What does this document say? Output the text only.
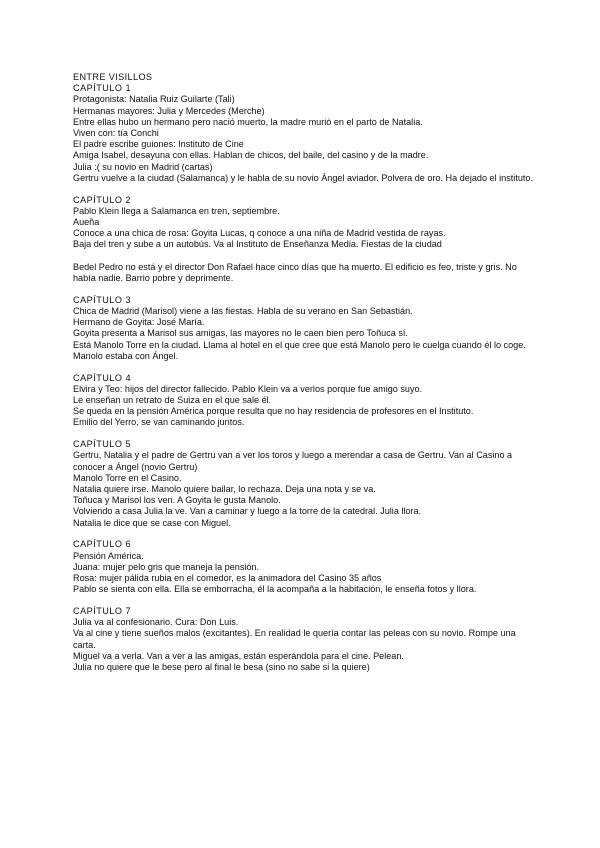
ENTRE VISILLOS

CAPÍTULO 1

Protagonista: Natalia Ruiz Guilarte (Tali)

Hermanas mayores: Julia y Mercedes (Merche)

Entre ellas hubo un hermano pero nació muerto, la madre murió en el parto de Natalia.

Viven con: tía Conchi

El padre escribe guiones: Instituto de Cine

Amiga Isabel, desayuna con ellas. Hablan de chicos, del baile, del casino y de la madre.

Julia :( su novio en Madrid (cartas)

Gertru vuelve a la ciudad (Salamanca) y le habla de su novio Ángel aviador. Polvera de oro. Ha dejado el instituto.

CAPÍTULO 2

Pablo Klein llega a Salamanca en tren, septiembre.

Aueña

Conoce a una chica de rosa: Goyita Lucas, q conoce a una niña de Madrid vestida de rayas.

Baja del tren y sube a un autobús. Va al Instituto de Enseñanza Media. Fiestas de la ciudad

Bedel Pedro no está y el director Don Rafael hace cinco días que ha muerto. El edificio es feo, triste y gris. No había nadie. Barrio pobre y deprimente.

CAPÍTULO 3

Chica de Madrid (Marisol) viene a las fiestas. Habla de su verano en San Sebastián.

Hermano de Goyita: José María.

Goyita presenta a Marisol sus amigas, las mayores no le caen bien pero Toñuca sí.

Está Manolo Torre en la ciudad. Llama al hotel en el que cree que está Manolo pero le cuelga cuando él lo coge. Manolo estaba con Ángel.

CAPÍTULO 4

Elvira y Teo: hijos del director fallecido. Pablo Klein va a verlos porque fue amigo suyo.

Le enseñan un retrato de Suiza en el que sale él.

Se queda en la pensión América porque resulta que no hay residencia de profesores en el Instituto.

Emilio del Yerro, se van caminando juntos.

CAPÍTULO 5

Gertru, Natalia y el padre de Gertru van a ver los toros y luego a merendar a casa de Gertru. Van al Casino a conocer a Ángel (novio Gertru)

Manolo Torre en el Casino.

Natalia quiere irse. Manolo quiere bailar, lo rechaza. Deja una nota y se va.

Toñuca y Marisol los ven. A Goyita le gusta Manolo.

Volviendo a casa Julia la ve. Van a caminar y luego a la torre de la catedral. Julia llora.

Natalia le dice que se case con Miguel.

CAPÍTULO 6

Pensión América.

Juana: mujer pelo gris que maneja la pensión.

Rosa: mujer pálida rubia en el comedor, es la animadora del Casino 35 años

Pablo se sienta con ella. Ella se emborracha, él la acompaña a la habitación, le enseña fotos y llora.

CAPÍTULO 7

Julia va al confesionario. Cura: Don Luis.

Va al cine y tiene sueños malos (excitantes). En realidad le quería contar las peleas con su novio. Rompe una carta.

Miguel va a verla. Van a ver a las amigas, están esperándola para el cine. Pelean.

Julia no quiere que le bese pero al final le besa (sino no sabe si la quiere)
